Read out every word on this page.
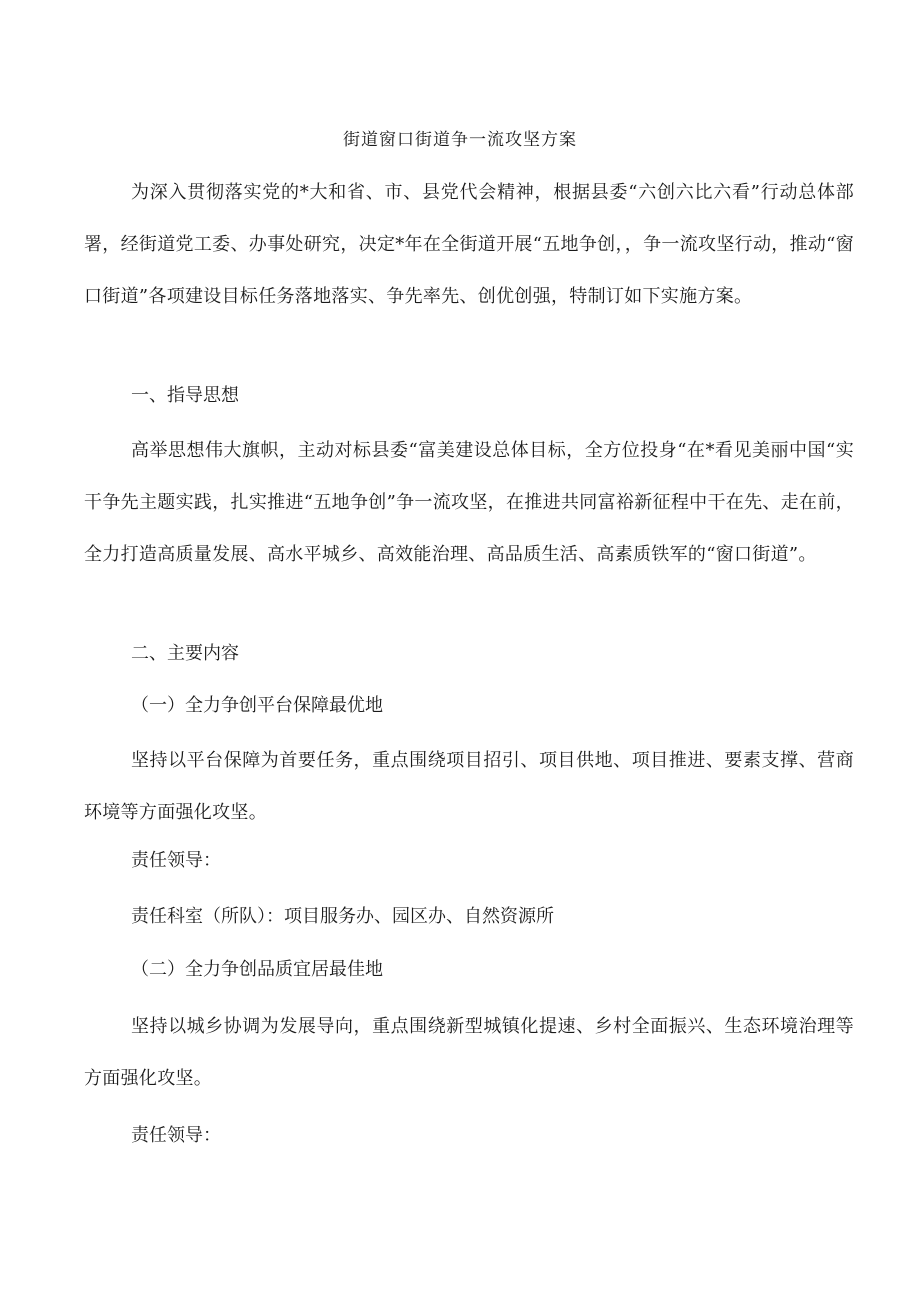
街道窗口街道争一流攻坚方案

为深入贯彻落实党的*大和省、市、县党代会精神，根据县委“六创六比六看”行动总体部署，经街道党工委、办事处研究，决定*年在全街道开展“五地争创，，争一流攻坚行动，推动“窗口街道”各项建设目标任务落地落实、争先率先、创优创强，特制订如下实施方案。

一、指导思想

高举思想伟大旗帜，主动对标县委“富美建设总体目标，全方位投身“在*看见美丽中国“实干争先主题实践，扎实推进“五地争创”争一流攻坚，在推进共同富裕新征程中干在先、走在前，全力打造高质量发展、高水平城乡、高效能治理、高品质生活、高素质铁军的“窗口街道”。

二、主要内容

（一）全力争创平台保障最优地

坚持以平台保障为首要任务，重点围绕项目招引、项目供地、项目推进、要素支撑、营商环境等方面强化攻坚。

责任领导：

责任科室（所队）：项目服务办、园区办、自然资源所

（二）全力争创品质宜居最佳地

坚持以城乡协调为发展导向，重点围绕新型城镇化提速、乡村全面振兴、生态环境治理等方面强化攻坚。

责任领导：
